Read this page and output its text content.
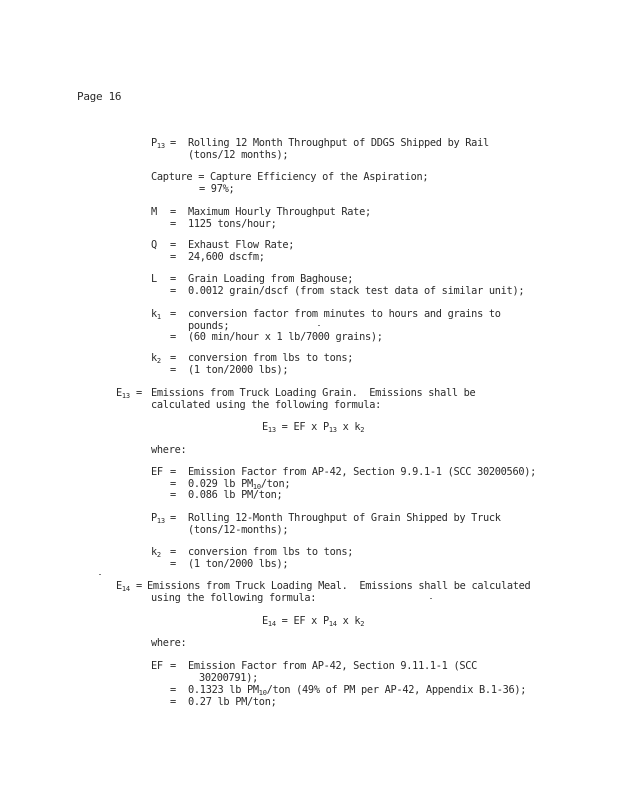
Page 16
$P_{13}$ = Rolling 12 Month Throughput of DDGS Shipped by Rail
(tons/12 months);
Capture = Capture Efficiency of the Aspiration;
= 97%;
M = Maximum Hourly Throughput Rate;
= 1125 tons/hour;
Q = Exhaust Flow Rate;
= 24,600 dscfm;
L = Grain Loading from Baghouse;
= 0.0012 grain/dscf (from stack test data of similar unit);
$k_1$ = conversion factor from minutes to hours and grains to
pounds;
= (60 min/hour x 1 lb/7000 grains);
$k_2$ = conversion from lbs to tons;
= (1 ton/2000 lbs);
$E_{13}$ = Emissions from Truck Loading Grain.  Emissions shall be
calculated using the following formula:
$E_{13}$ = EF x $P_{13}$ x $k_2$
where:
EF = Emission Factor from AP-42, Section 9.9.1-1 (SCC 30200560);
= 0.029 lb $PM_{10}$/ton;
= 0.086 lb PM/ton;
$P_{13}$ = Rolling 12-Month Throughput of Grain Shipped by Truck
(tons/12-months);
$k_2$ = conversion from lbs to tons;
= (1 ton/2000 lbs);
$E_{14}$ = Emissions from Truck Loading Meal.  Emissions shall be calculated
using the following formula:
$E_{14}$ = EF x $P_{14}$ x $k_2$
where:
EF = Emission Factor from AP-42, Section 9.11.1-1 (SCC
30200791);
= 0.1323 lb $PM_{10}$/ton (49% of PM per AP-42, Appendix B.1-36);
= 0.27 lb PM/ton;
